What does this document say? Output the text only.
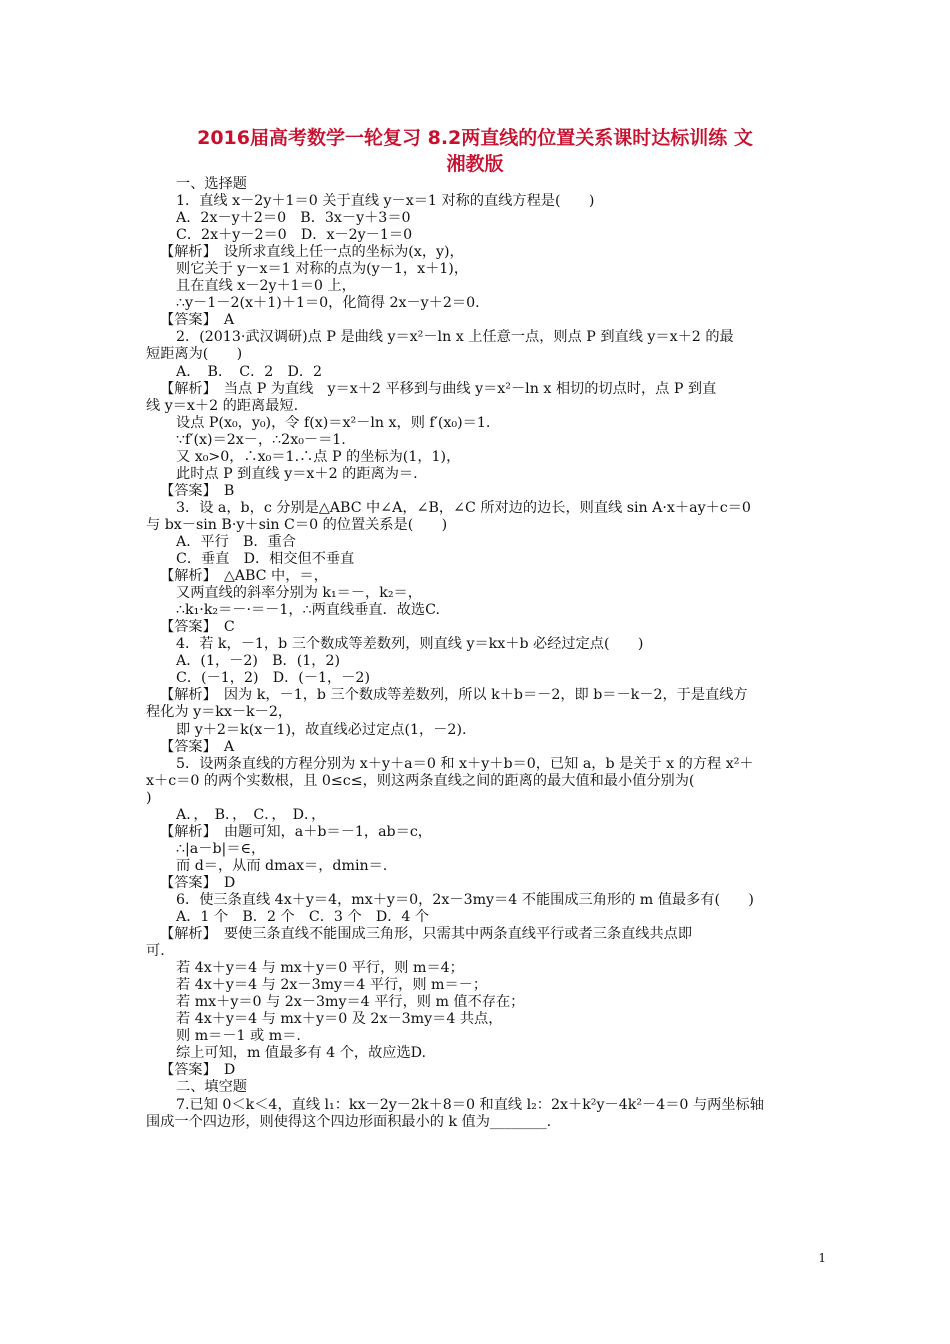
2016届高考数学一轮复习 8.2两直线的位置关系课时达标训练 文
湘教版
一、选择题
1．直线 x－2y＋1＝0 关于直线 y－x＝1 对称的直线方程是(　　)
A．2x－y＋2＝0　B．3x－y＋3＝0
C．2x＋y－2＝0　D．x－2y－1＝0
【解析】　设所求直线上任一点的坐标为(x，y)，
则它关于 y－x＝1 对称的点为(y－1，x＋1)，
且在直线 x－2y＋1＝0 上，
∴y－1－2(x＋1)＋1＝0，化简得 2x－y＋2＝0.
【答案】　A
2．(2013·武汉调研)点 P 是曲线 y＝x²－ln x 上任意一点，则点 P 到直线 y＝x＋2 的最
短距离为(　　)
A．　B．　C．2　D．2
【解析】　当点 P 为直线　y＝x＋2 平移到与曲线 y＝x²－ln x 相切的切点时，点 P 到直
线 y＝x＋2 的距离最短.
设点 P(x₀，y₀)，令 f(x)＝x²－ln x，则 f′(x₀)＝1.
∵f′(x)＝2x－，∴2x₀－＝1.
又 x₀>0，∴x₀＝1.∴点 P 的坐标为(1，1)，
此时点 P 到直线 y＝x＋2 的距离为＝.
【答案】　B
3．设 a，b，c 分别是△ABC 中∠A，∠B，∠C 所对边的边长，则直线 sin A·x＋ay＋c＝0
与 bx－sin B·y＋sin C＝0 的位置关系是(　　)
A．平行　B．重合
C．垂直　D．相交但不垂直
【解析】　△ABC 中，＝，
又两直线的斜率分别为 k₁＝－，k₂＝，
∴k₁·k₂＝－·＝－1，∴两直线垂直．故选C.
【答案】　C
4．若 k，－1，b 三个数成等差数列，则直线 y＝kx＋b 必经过定点(　　)
A．(1，－2)　B．(1，2)
C．(－1，2)　D．(－1，－2)
【解析】　因为 k，－1，b 三个数成等差数列，所以 k＋b＝－2，即 b＝－k－2，于是直线方
程化为 y＝kx－k－2，
即 y＋2＝k(x－1)，故直线必过定点(1，－2).
【答案】　A
5．设两条直线的方程分别为 x＋y＋a＝0 和 x＋y＋b＝0，已知 a，b 是关于 x 的方程 x²＋
x＋c＝0 的两个实数根，且 0≤c≤，则这两条直线之间的距离的最大值和最小值分别为(
)
A．，　B．，　C．，　D．，
【解析】　由题可知，a＋b＝－1，ab＝c，
∴|a－b|＝∈，
而 d＝，从而 dmax＝，dmin＝.
【答案】　D
6．使三条直线 4x＋y＝4，mx＋y＝0，2x－3my＝4 不能围成三角形的 m 值最多有(　　)
A．1 个　B．2 个　C．3 个　D．4 个
【解析】　要使三条直线不能围成三角形，只需其中两条直线平行或者三条直线共点即
可.
若 4x＋y＝4 与 mx＋y＝0 平行，则 m＝4；
若 4x＋y＝4 与 2x－3my＝4 平行，则 m＝－；
若 mx＋y＝0 与 2x－3my＝4 平行，则 m 值不存在；
若 4x＋y＝4 与 mx＋y＝0 及 2x－3my＝4 共点，
则 m＝－1 或 m＝.
综上可知，m 值最多有 4 个，故应选D.
【答案】　D
二、填空题
7.已知 0＜k＜4，直线 l₁：kx－2y－2k＋8＝0 和直线 l₂：2x＋k²y－4k²－4＝0 与两坐标轴
围成一个四边形，则使得这个四边形面积最小的 k 值为________.
1
